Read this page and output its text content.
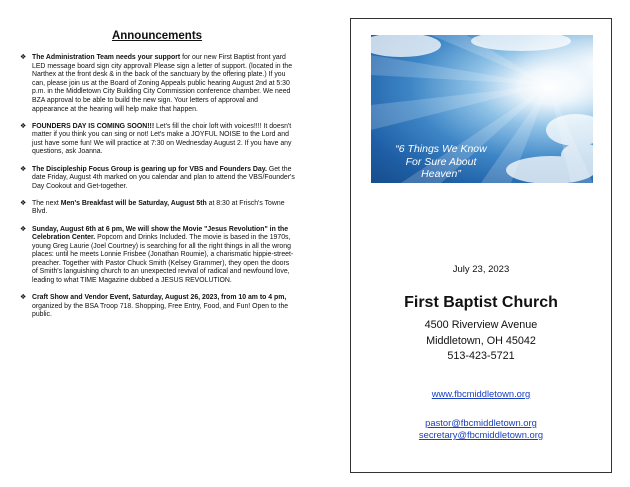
Announcements
❖ The Administration Team needs your support for our new First Baptist front yard LED message board sign city approval! Please sign a letter of support. (located in the Narthex at the front desk & in the back of the sanctuary by the offering plate.) If you can, please join us at the Board of Zoning Appeals public hearing August 2nd at 5:30 p.m. in the Middletown City Building City Commission conference chamber. We need BZA approval to be able to build the new sign. Your letters of approval and appearance at the hearing will help make that happen.
❖ FOUNDERS DAY IS COMING SOON!!! Let's fill the choir loft with voices!!!! It doesn't matter if you think you can sing or not! Let's make a JOYFUL NOISE to the Lord and just have some fun! We will practice at 7:30 on Wednesday August 2. If you have any questions, ask Joanna.
❖ The Discipleship Focus Group is gearing up for VBS and Founders Day. Get the date Friday, August 4th marked on you calendar and plan to attend the VBS/Founder's Day Cookout and Get-together.
❖ The next Men's Breakfast will be Saturday, August 5th at 8:30 at Frisch's Towne Blvd.
❖ Sunday, August 6th at 6 pm, We will show the Movie "Jesus Revolution" in the Celebration Center. Popcorn and Drinks Included. The movie is based in the 1970s, young Greg Laurie (Joel Courtney) is searching for all the right things in all the wrong places: until he meets Lonnie Frisbee (Jonathan Roumie), a charismatic hippie-street-preacher. Together with Pastor Chuck Smith (Kelsey Grammer), they open the doors of Smith's languishing church to an unexpected revival of radical and newfound love, leading to what TIME Magazine dubbed a JESUS REVOLUTION.
❖ Craft Show and Vendor Event, Saturday, August 26, 2023, from 10 am to 4 pm, organized by the BSA Troop 718. Shopping, Free Entry, Food, and Fun! Open to the public.
“6 Things We Know For Sure About Heaven”
July 23, 2023
First Baptist Church
4500 Riverview Avenue
Middletown, OH 45042
513-423-5721
www.fbcmiddletown.org
pastor@fbcmiddletown.org
secretary@fbcmiddletown.org
